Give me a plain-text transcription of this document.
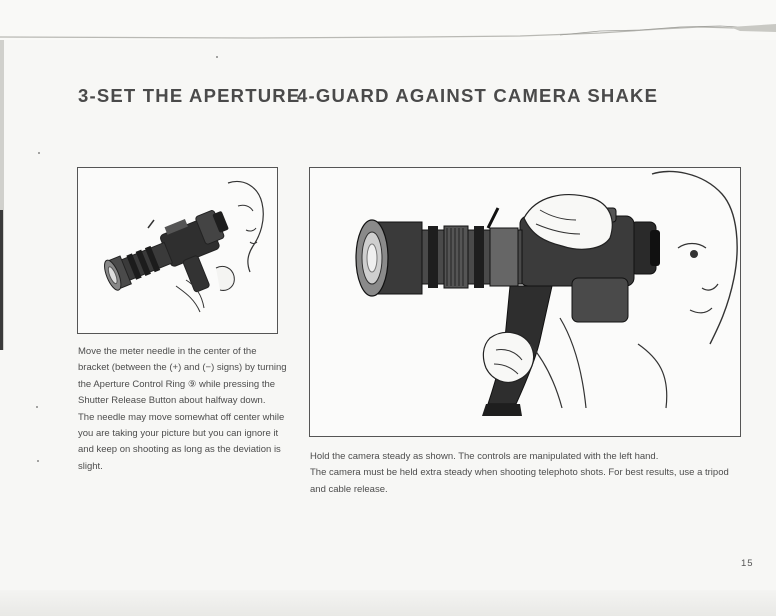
3-SET THE APERTURE
4-GUARD AGAINST CAMERA SHAKE

Move the meter needle in the center of the bracket (between the (+) and (−) signs) by turning the Aperture Control Ring ⑨ while pressing the Shutter Release Button about halfway down.

The needle may move somewhat off center while you are taking your picture but you can ignore it and keep on shooting as long as the deviation is slight.

Hold the camera steady as shown. The controls are manipulated with the left hand.

The camera must be held extra steady when shooting telephoto shots. For best results, use a tripod and cable release.

15
